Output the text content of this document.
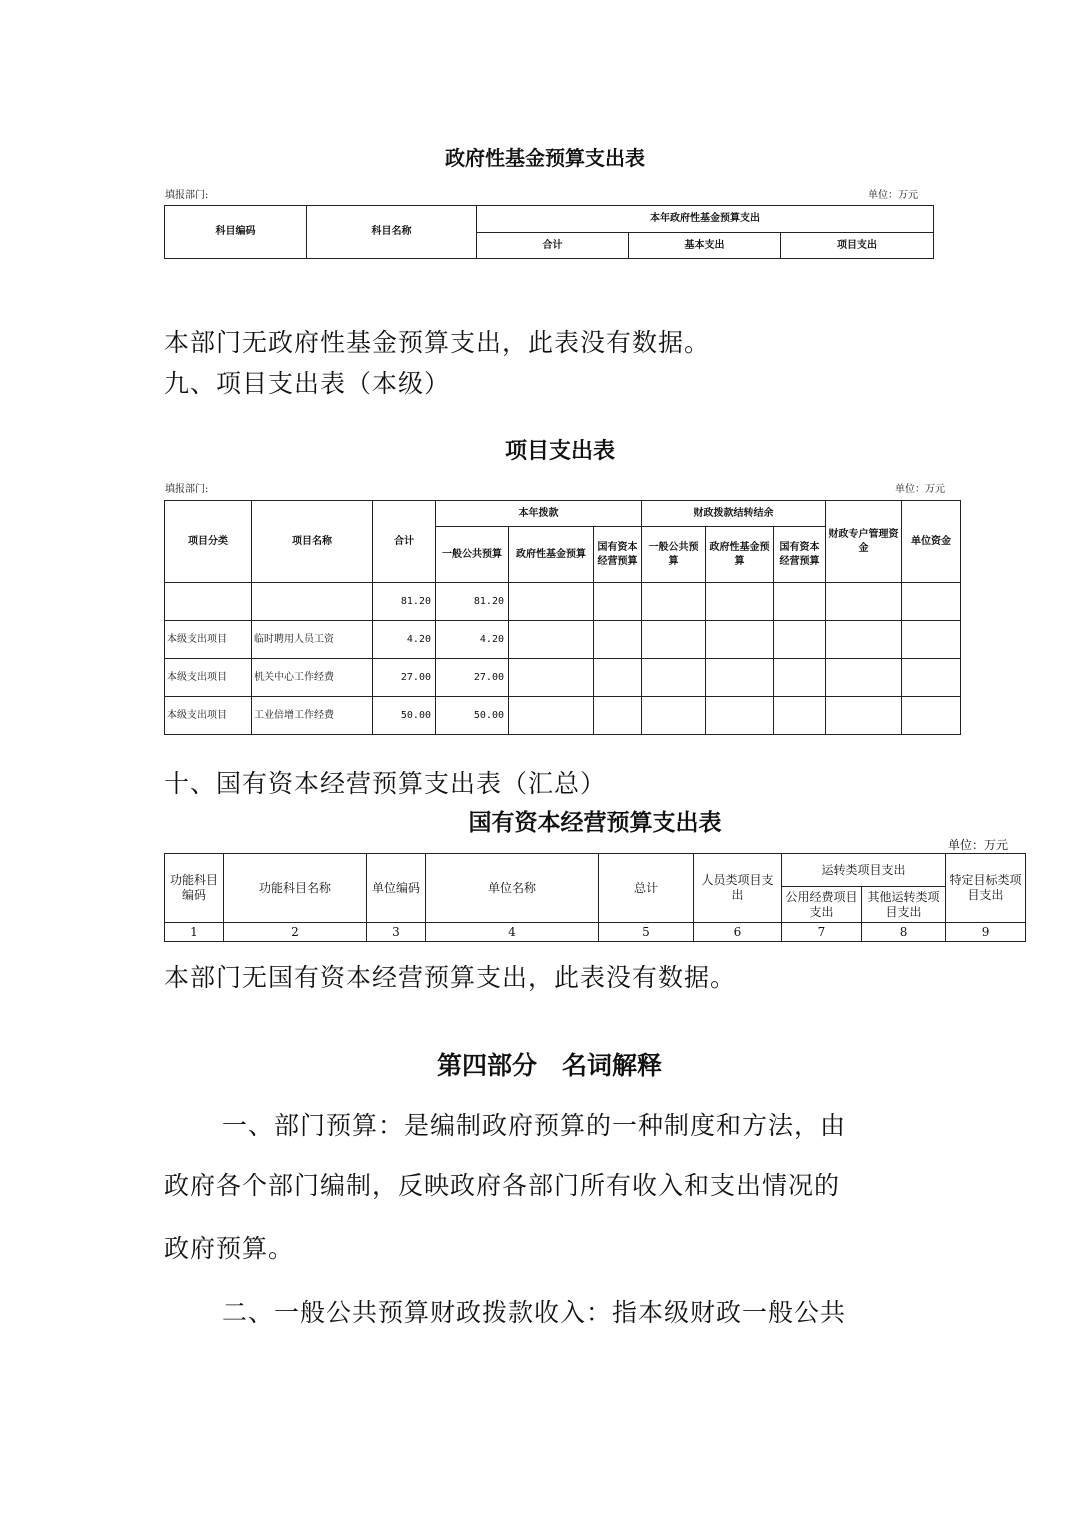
政府性基金预算支出表
填报部门:	单位：万元
科目编码	科目名称	本年政府性基金预算支出		
		合计	基本支出	项目支出
本部门无政府性基金预算支出，此表没有数据。
九、项目支出表（本级）
项目支出表
填报部门:	单位：万元
项目分类	项目名称	合计	本年拨款			财政拨款结转结余			财政专户管理资金	单位资金
			一般公共预算	政府性基金预算	国有资本经营预算	一般公共预算	政府性基金预算	国有资本经营预算		
		81.20	81.20							
本级支出项目	临时聘用人员工资	4.20	4.20							
本级支出项目	机关中心工作经费	27.00	27.00							
本级支出项目	工业倍增工作经费	50.00	50.00							
十、国有资本经营预算支出表（汇总）
国有资本经营预算支出表
单位：万元
功能科目编码	功能科目名称	单位编码	单位名称	总计	人员类项目支出	运转类项目支出		特定目标类项目支出
						公用经费项目支出	其他运转类项目支出	
1	2	3	4	5	6	7	8	9
本部门无国有资本经营预算支出，此表没有数据。
第四部分　名词解释
一、部门预算：是编制政府预算的一种制度和方法，由
政府各个部门编制，反映政府各部门所有收入和支出情况的
政府预算。
二、一般公共预算财政拨款收入：指本级财政一般公共
